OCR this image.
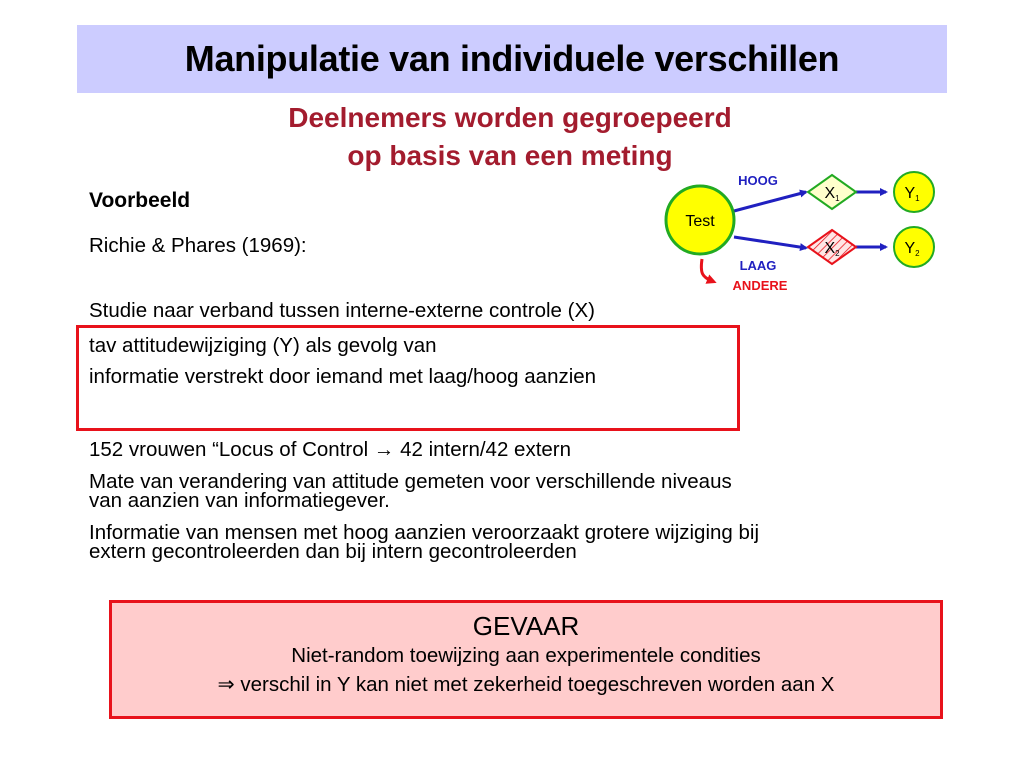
Manipulatie van individuele verschillen
Deelnemers worden gegroepeerd
op basis van een meting
Voorbeeld
Richie & Phares (1969):
Studie naar verband tussen interne-externe controle (X)
tav attitudewijziging (Y) als gevolg van
informatie verstrekt door iemand met laag/hoog aanzien
152 vrouwen “Locus of Control → 42 intern/42 extern
Mate van verandering van attitude gemeten voor verschillende niveaus
van aanzien van informatiegever.
Informatie van mensen met hoog aanzien veroorzaakt grotere wijziging bij
extern gecontroleerden dan bij intern gecontroleerden
Test
X1
X2
Y1
Y2
HOOG
LAAG
ANDERE
GEVAAR
Niet-random toewijzing aan experimentele condities
⇒ verschil in Y kan niet met zekerheid toegeschreven worden aan X
